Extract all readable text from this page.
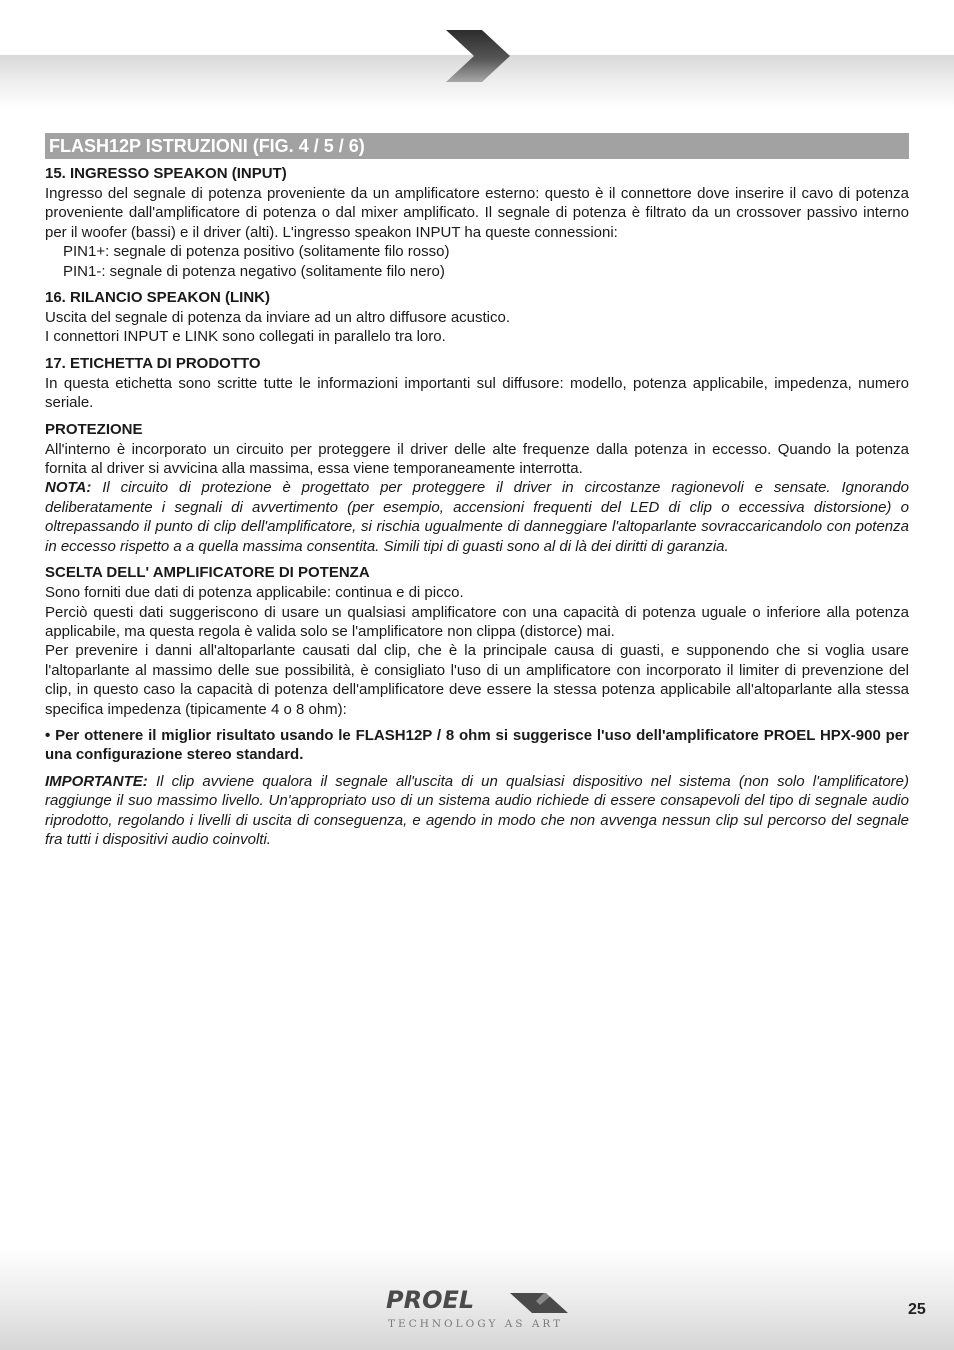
FLASH12P ISTRUZIONI (FIG. 4 / 5 / 6)
15. INGRESSO SPEAKON (INPUT)

Ingresso del segnale di potenza proveniente da un amplificatore esterno: questo è il connettore dove inserire il cavo di potenza proveniente dall'amplificatore di potenza o dal mixer amplificato. Il segnale di potenza è filtrato da un crossover passivo interno per il woofer (bassi) e il driver (alti). L'ingresso speakon INPUT ha queste connessioni:

PIN1+: segnale di potenza positivo (solitamente filo rosso)

PIN1-: segnale di potenza negativo (solitamente filo nero)

16. RILANCIO SPEAKON (LINK)

Uscita del segnale di potenza da inviare ad un altro diffusore acustico.

I connettori INPUT e LINK sono collegati in parallelo tra loro.

17. ETICHETTA DI PRODOTTO

In questa etichetta sono scritte tutte le informazioni importanti sul diffusore: modello, potenza applicabile, impedenza, numero seriale.

PROTEZIONE

All'interno è incorporato un circuito per proteggere il driver delle alte frequenze dalla potenza in eccesso. Quando la potenza fornita al driver si avvicina alla massima, essa viene temporaneamente interrotta.

NOTA: Il circuito di protezione è progettato per proteggere il driver in circostanze ragionevoli e sensate. Ignorando deliberatamente i segnali di avvertimento (per esempio, accensioni frequenti del LED di clip o eccessiva distorsione) o oltrepassando il punto di clip dell'amplificatore, si rischia ugualmente di danneggiare l'altoparlante sovraccaricandolo con potenza in eccesso rispetto a a quella massima consentita. Simili tipi di guasti sono al di là dei diritti di garanzia.

SCELTA DELL' AMPLIFICATORE DI POTENZA

Sono forniti due dati di potenza applicabile: continua e di picco.

Perciò questi dati suggeriscono di usare un qualsiasi amplificatore con una capacità di potenza uguale o inferiore alla potenza applicabile, ma questa regola è valida solo se l'amplificatore non clippa (distorce) mai.

Per prevenire i danni all'altoparlante causati dal clip, che è la principale causa di guasti, e supponendo che si voglia usare l'altoparlante al massimo delle sue possibilità, è consigliato l'uso di un amplificatore con incorporato il limiter di prevenzione del clip, in questo caso la capacità di potenza dell'amplificatore deve essere la stessa potenza applicabile all'altoparlante alla stessa specifica impedenza (tipicamente 4 o 8 ohm):

• Per ottenere il miglior risultato usando le FLASH12P / 8 ohm si suggerisce l'uso dell'amplificatore PROEL HPX-900 per una configurazione stereo standard.

IMPORTANTE: Il clip avviene qualora il segnale all'uscita di un qualsiasi dispositivo nel sistema (non solo l'amplificatore) raggiunge il suo massimo livello. Un'appropriato uso di un sistema audio richiede di essere consapevoli del tipo di segnale audio riprodotto, regolando i livelli di uscita di conseguenza, e agendo in modo che non avvenga nessun clip sul percorso del segnale fra tutti i dispositivi audio coinvolti.

PROEL
TECHNOLOGY AS ART
25
